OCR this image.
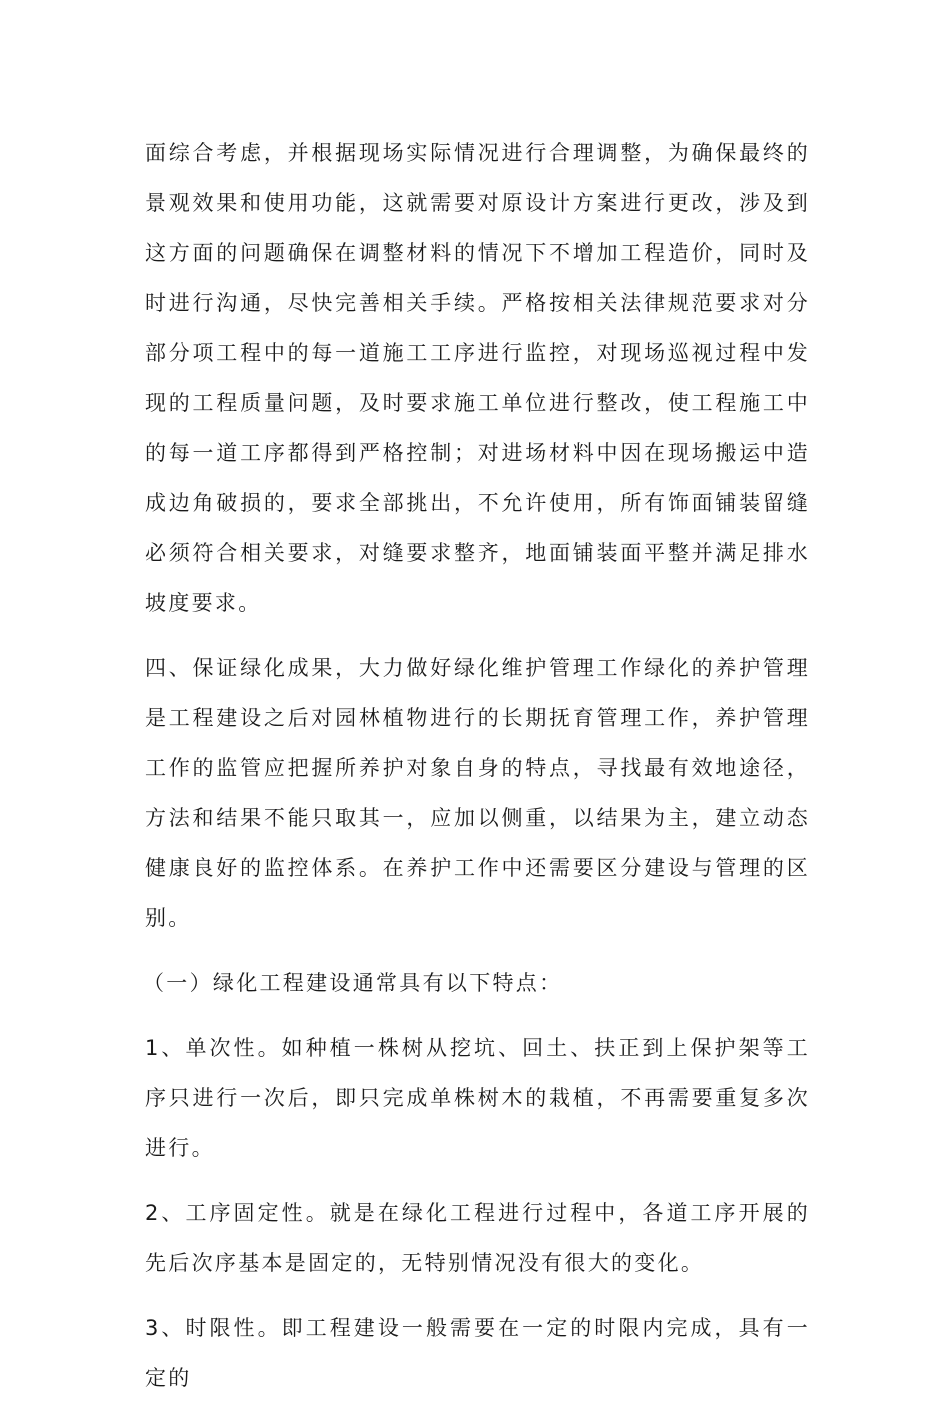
面综合考虑，并根据现场实际情况进行合理调整，为确保最终的景观效果和使用功能，这就需要对原设计方案进行更改，涉及到这方面的问题确保在调整材料的情况下不增加工程造价，同时及时进行沟通，尽快完善相关手续。严格按相关法律规范要求对分部分项工程中的每一道施工工序进行监控，对现场巡视过程中发现的工程质量问题，及时要求施工单位进行整改，使工程施工中的每一道工序都得到严格控制；对进场材料中因在现场搬运中造成边角破损的，要求全部挑出，不允许使用，所有饰面铺装留缝必须符合相关要求，对缝要求整齐，地面铺装面平整并满足排水坡度要求。

四、保证绿化成果，大力做好绿化维护管理工作绿化的养护管理是工程建设之后对园林植物进行的长期抚育管理工作，养护管理工作的监管应把握所养护对象自身的特点，寻找最有效地途径，方法和结果不能只取其一，应加以侧重，以结果为主，建立动态健康良好的监控体系。在养护工作中还需要区分建设与管理的区别。

（一）绿化工程建设通常具有以下特点：

1、单次性。如种植一株树从挖坑、回土、扶正到上保护架等工序只进行一次后，即只完成单株树木的栽植，不再需要重复多次进行。

2、工序固定性。就是在绿化工程进行过程中，各道工序开展的先后次序基本是固定的，无特别情况没有很大的变化。

3、时限性。即工程建设一般需要在一定的时限内完成，具有一定的
